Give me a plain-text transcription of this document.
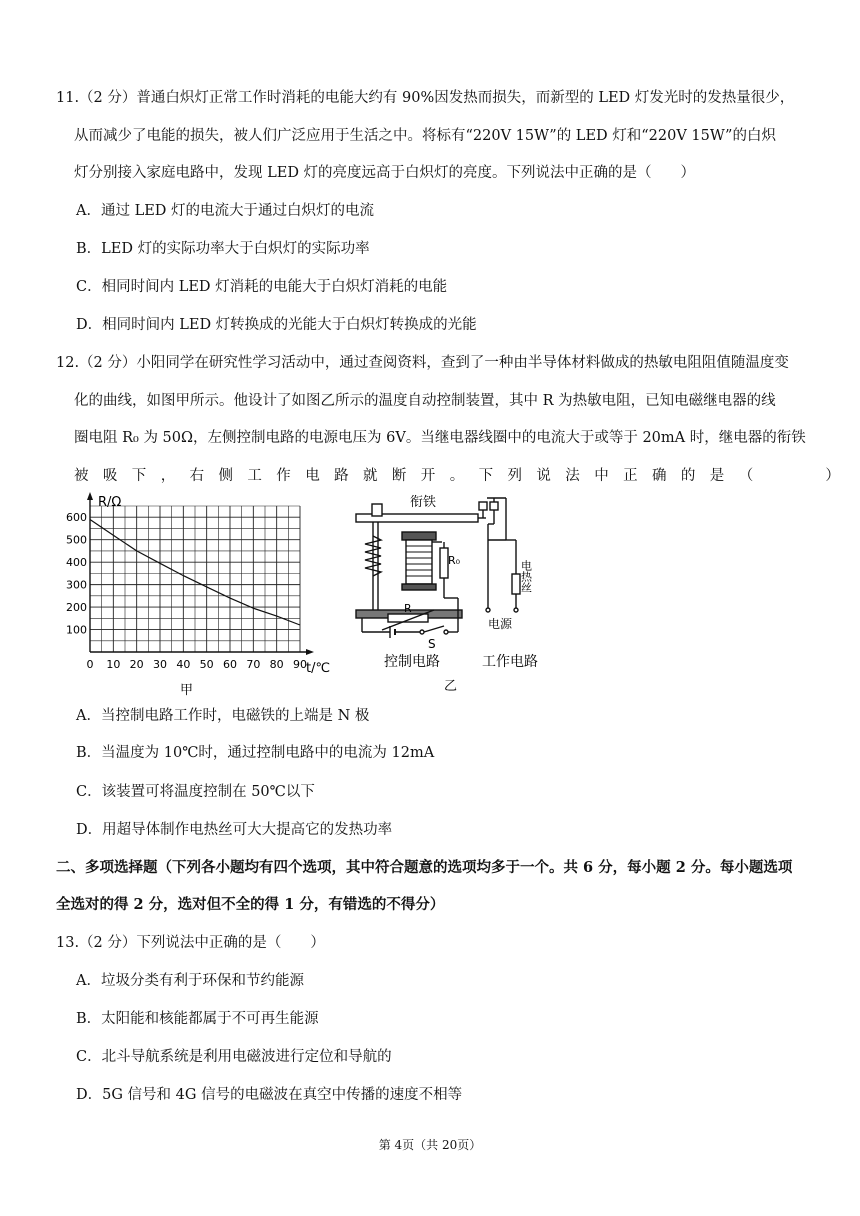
11.（2 分）普通白炽灯正常工作时消耗的电能大约有 90%因发热而损失，而新型的 LED 灯发光时的发热量很少，
从而减少了电能的损失，被人们广泛应用于生活之中。将标有“220V 15W”的 LED 灯和“220V 15W”的白炽
灯分别接入家庭电路中，发现 LED 灯的亮度远高于白炽灯的亮度。下列说法中正确的是（　　）
A．通过 LED 灯的电流大于通过白炽灯的电流
B．LED 灯的实际功率大于白炽灯的实际功率
C．相同时间内 LED 灯消耗的电能大于白炽灯消耗的电能
D．相同时间内 LED 灯转换成的光能大于白炽灯转换成的光能
12.（2 分）小阳同学在研究性学习活动中，通过查阅资料，查到了一种由半导体材料做成的热敏电阻阻值随温度变
化的曲线，如图甲所示。他设计了如图乙所示的温度自动控制装置，其中 R 为热敏电阻，已知电磁继电器的线
圈电阻 R₀ 为 50Ω，左侧控制电路的电源电压为 6V。当继电器线圈中的电流大于或等于 20mA 时，继电器的衔铁
被吸下，右侧工作电路就断开。下列说法中正确的是（　　）
100
200
300
400
500
600
0 10 20 30 40 50 60 70 80 90
R/Ω
t/℃
甲
衔铁
R₀
R
S
电热丝
电源
控制电路	工作电路
乙
A．当控制电路工作时，电磁铁的上端是 N 极
B．当温度为 10℃时，通过控制电路中的电流为 12mA
C．该装置可将温度控制在 50℃以下
D．用超导体制作电热丝可大大提高它的发热功率
二、多项选择题（下列各小题均有四个选项，其中符合题意的选项均多于一个。共 6 分，每小题 2 分。每小题选项
全选对的得 2 分，选对但不全的得 1 分，有错选的不得分）
13.（2 分）下列说法中正确的是（　　）
A．垃圾分类有利于环保和节约能源
B．太阳能和核能都属于不可再生能源
C．北斗导航系统是利用电磁波进行定位和导航的
D．5G 信号和 4G 信号的电磁波在真空中传播的速度不相等
第 4页（共 20页）
